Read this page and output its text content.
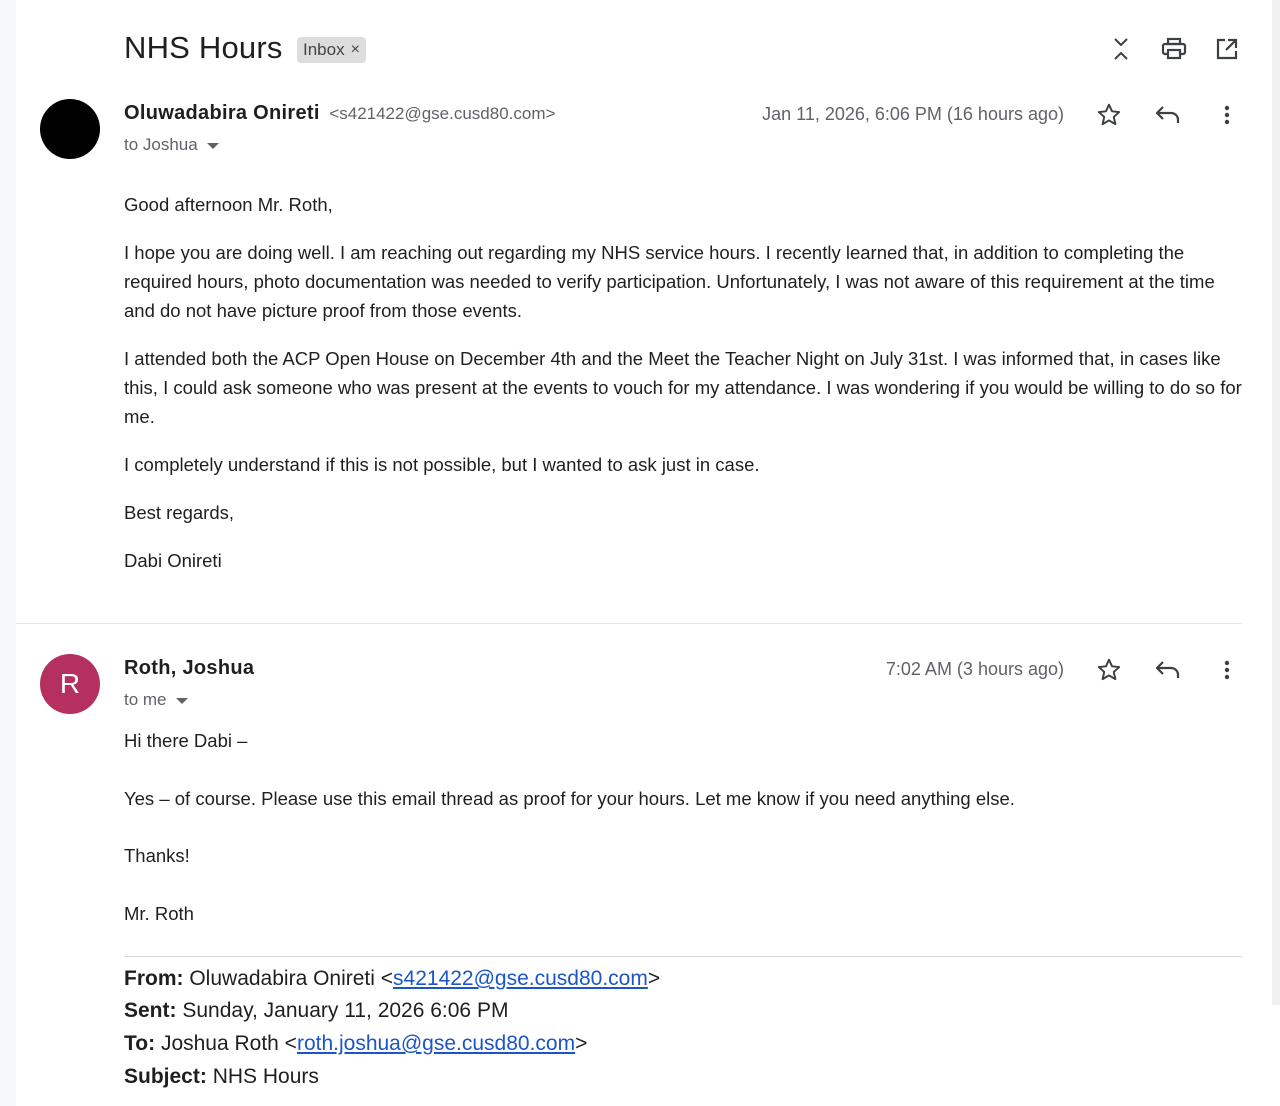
NHS Hours Inbox ×
Oluwadabira Onireti <s421422@gse.cusd80.com>
to Joshua
Jan 11, 2026, 6:06 PM (16 hours ago)

Good afternoon Mr. Roth,

I hope you are doing well. I am reaching out regarding my NHS service hours. I recently learned that, in addition to completing the required hours, photo documentation was needed to verify participation. Unfortunately, I was not aware of this requirement at the time and do not have picture proof from those events.

I attended both the ACP Open House on December 4th and the Meet the Teacher Night on July 31st. I was informed that, in cases like this, I could ask someone who was present at the events to vouch for my attendance. I was wondering if you would be willing to do so for me.

I completely understand if this is not possible, but I wanted to ask just in case.

Best regards,

Dabi Onireti

R Roth, Joshua
to me
7:02 AM (3 hours ago)

Hi there Dabi –

Yes – of course. Please use this email thread as proof for your hours. Let me know if you need anything else.

Thanks!

Mr. Roth

From: Oluwadabira Onireti <s421422@gse.cusd80.com>
Sent: Sunday, January 11, 2026 6:06 PM
To: Joshua Roth <roth.joshua@gse.cusd80.com>
Subject: NHS Hours
